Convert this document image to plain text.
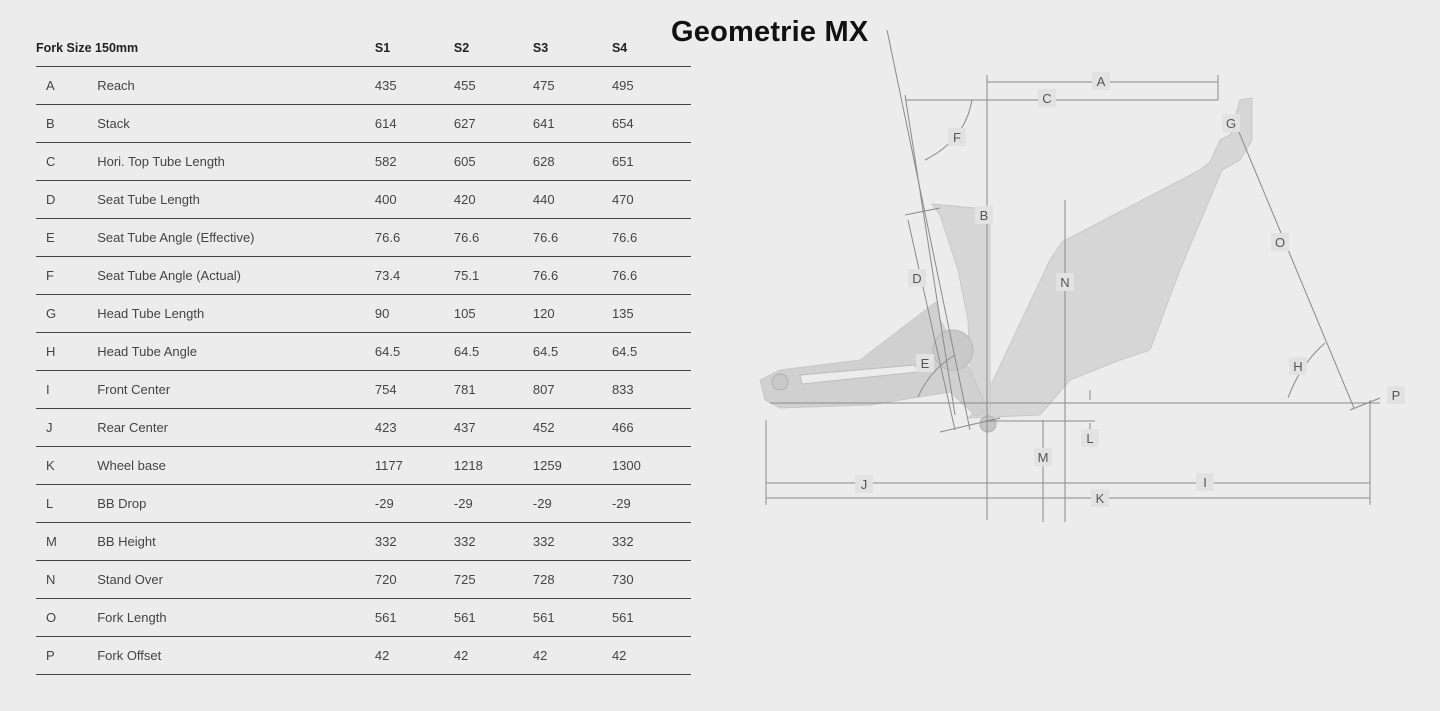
Fork Size 150mm		S1	S2	S3	S4
A	Reach	435	455	475	495
B	Stack	614	627	641	654
C	Hori. Top Tube Length	582	605	628	651
D	Seat Tube Length	400	420	440	470
E	Seat Tube Angle (Effective)	76.6	76.6	76.6	76.6
F	Seat Tube Angle (Actual)	73.4	75.1	76.6	76.6
G	Head Tube Length	90	105	120	135
H	Head Tube Angle	64.5	64.5	64.5	64.5
I	Front Center	754	781	807	833
J	Rear Center	423	437	452	466
K	Wheel base	1177	1218	1259	1300
L	BB Drop	-29	-29	-29	-29
M	BB Height	332	332	332	332
N	Stand Over	720	725	728	730
O	Fork Length	561	561	561	561
P	Fork Offset	42	42	42	42
Geometrie MX
A
C
F
G
B
O
D	N
E	H
P
L
M
J	I
K
